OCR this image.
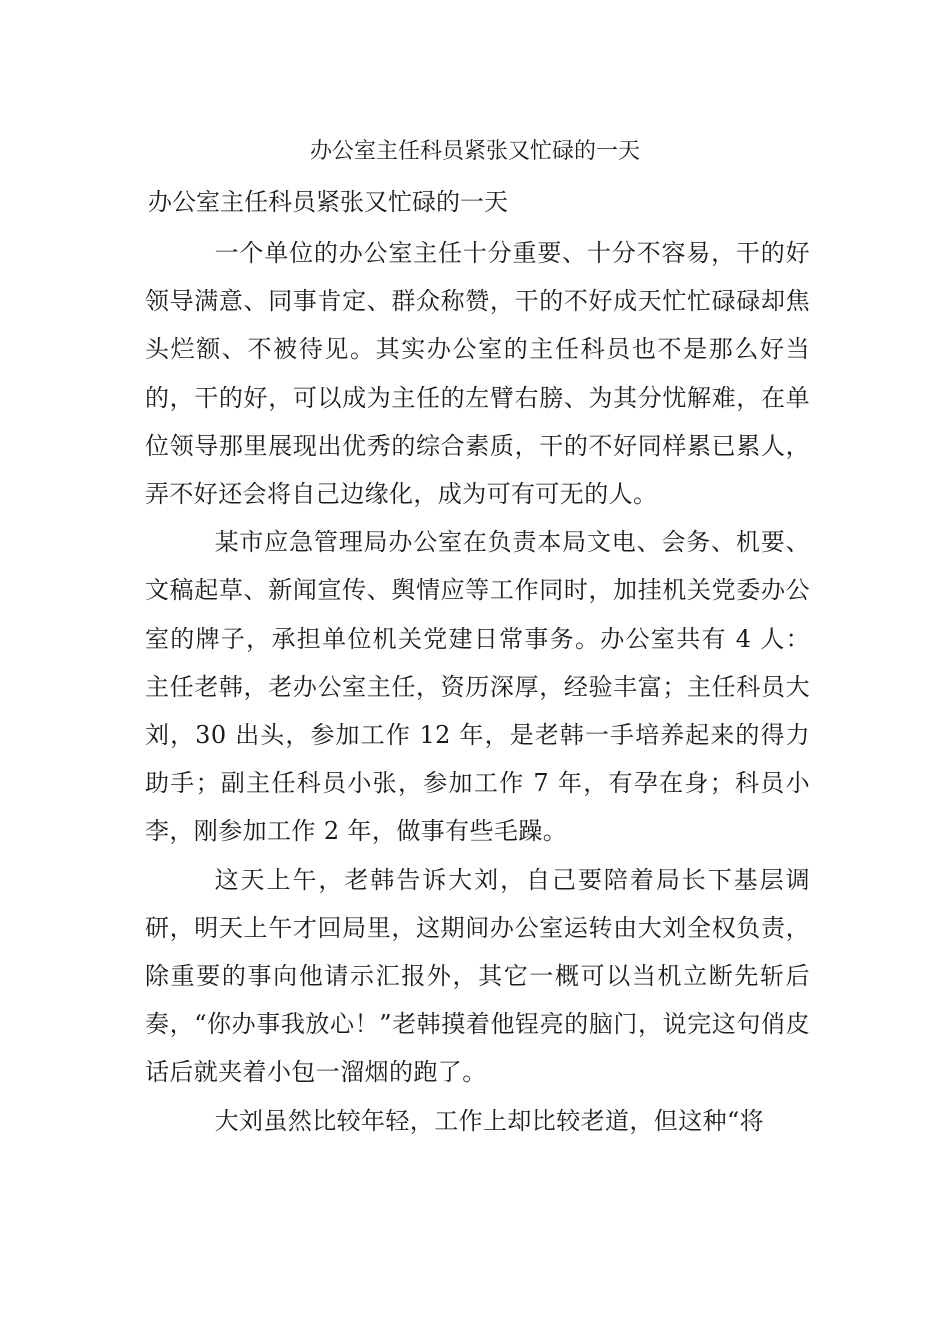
办公室主任科员紧张又忙碌的一天
办公室主任科员紧张又忙碌的一天

一个单位的办公室主任十分重要、十分不容易，干的好领导满意、同事肯定、群众称赞，干的不好成天忙忙碌碌却焦头烂额、不被待见。其实办公室的主任科员也不是那么好当的，干的好，可以成为主任的左臂右膀、为其分忧解难，在单位领导那里展现出优秀的综合素质，干的不好同样累已累人，弄不好还会将自己边缘化，成为可有可无的人。

某市应急管理局办公室在负责本局文电、会务、机要、文稿起草、新闻宣传、舆情应等工作同时，加挂机关党委办公室的牌子，承担单位机关党建日常事务。办公室共有 4 人：主任老韩，老办公室主任，资历深厚，经验丰富；主任科员大刘，30 出头，参加工作 12 年，是老韩一手培养起来的得力助手；副主任科员小张，参加工作 7 年，有孕在身；科员小李，刚参加工作 2 年，做事有些毛躁。

这天上午，老韩告诉大刘，自己要陪着局长下基层调研，明天上午才回局里，这期间办公室运转由大刘全权负责，除重要的事向他请示汇报外，其它一概可以当机立断先斩后奏，“你办事我放心！”老韩摸着他锃亮的脑门，说完这句俏皮话后就夹着小包一溜烟的跑了。

大刘虽然比较年轻，工作上却比较老道，但这种“将
